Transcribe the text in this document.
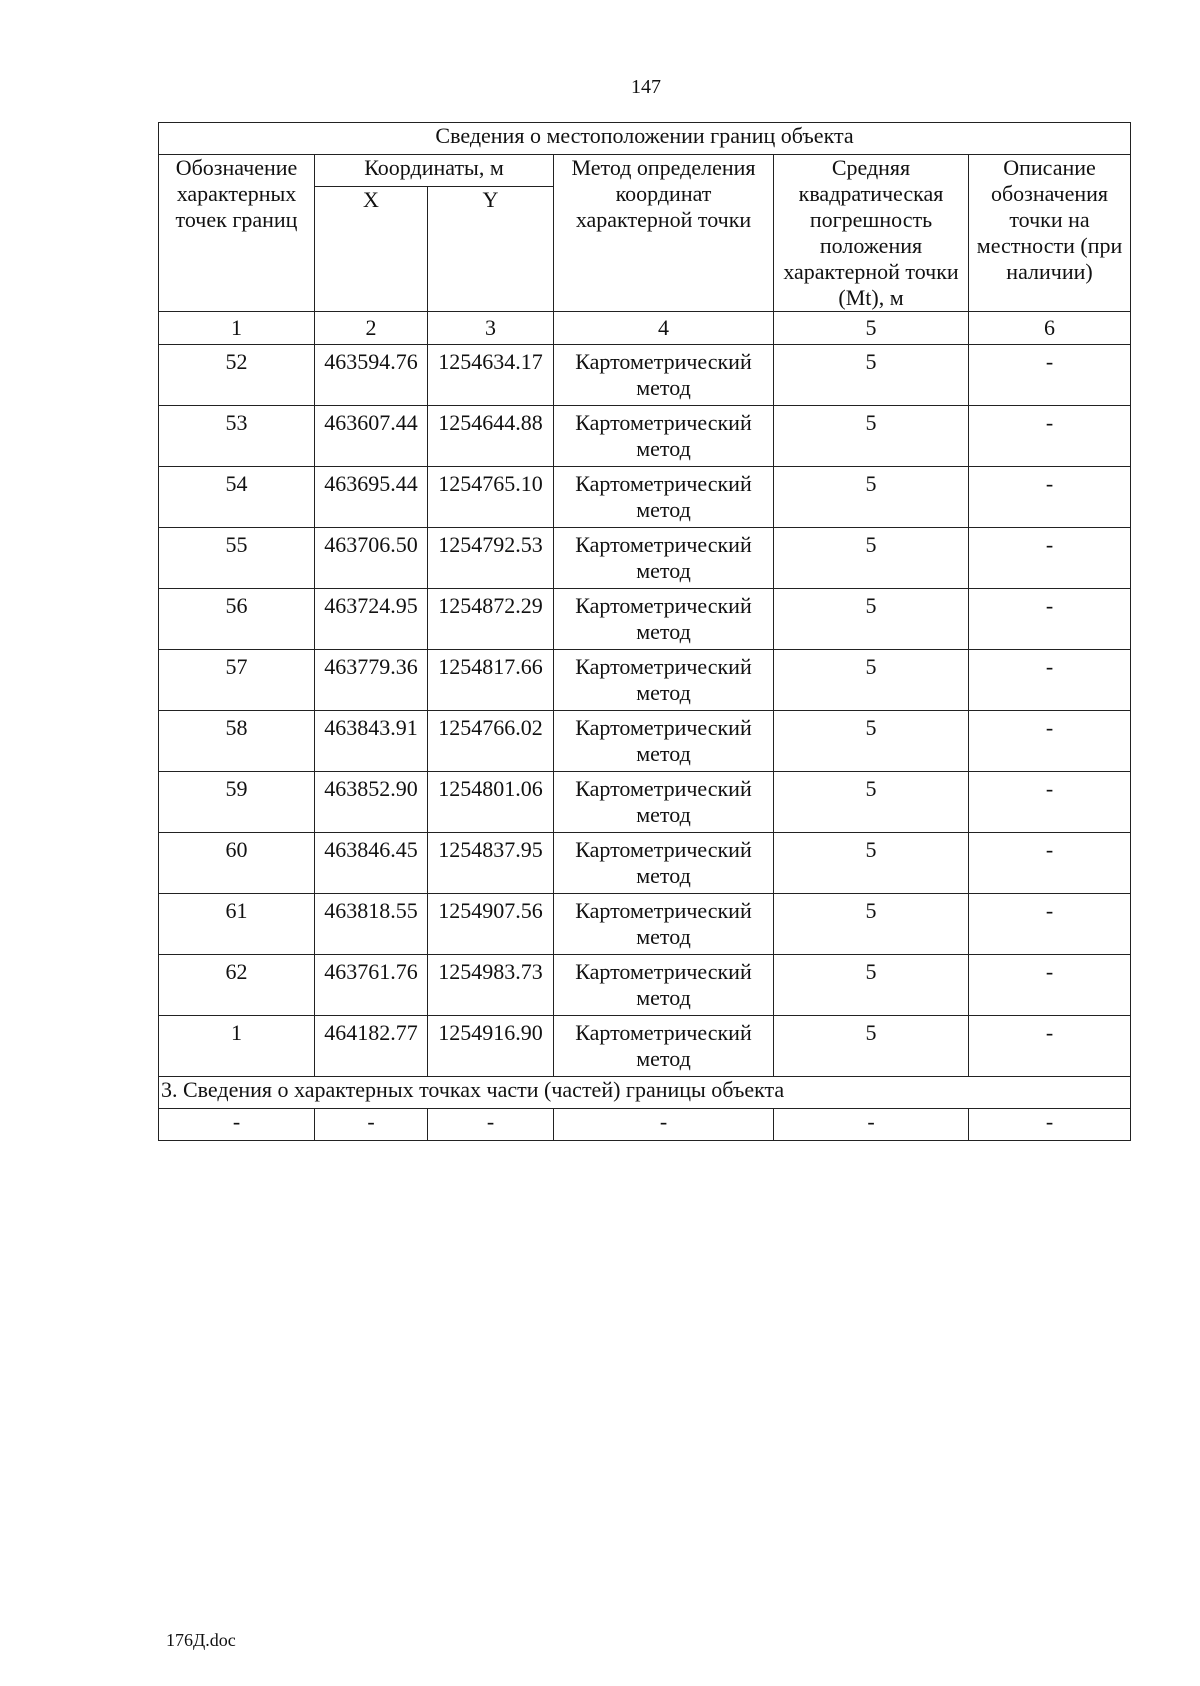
147
Сведения о местоположении границ объекта					
Обозначение характерных точек границ	Координаты, м		Метод определения координат характерной точки	Средняя квадратическая погрешность положения характерной точки (Mt), м	Описание обозначения точки на местности (при наличии)
	X	Y			
1	2	3	4	5	6
52	463594.76	1254634.17	Картометрический метод	5	-
53	463607.44	1254644.88	Картометрический метод	5	-
54	463695.44	1254765.10	Картометрический метод	5	-
55	463706.50	1254792.53	Картометрический метод	5	-
56	463724.95	1254872.29	Картометрический метод	5	-
57	463779.36	1254817.66	Картометрический метод	5	-
58	463843.91	1254766.02	Картометрический метод	5	-
59	463852.90	1254801.06	Картометрический метод	5	-
60	463846.45	1254837.95	Картометрический метод	5	-
61	463818.55	1254907.56	Картометрический метод	5	-
62	463761.76	1254983.73	Картометрический метод	5	-
1	464182.77	1254916.90	Картометрический метод	5	-
3. Сведения о характерных точках части (частей) границы объекта					
-	-	-	-	-	-
176Д.doc
